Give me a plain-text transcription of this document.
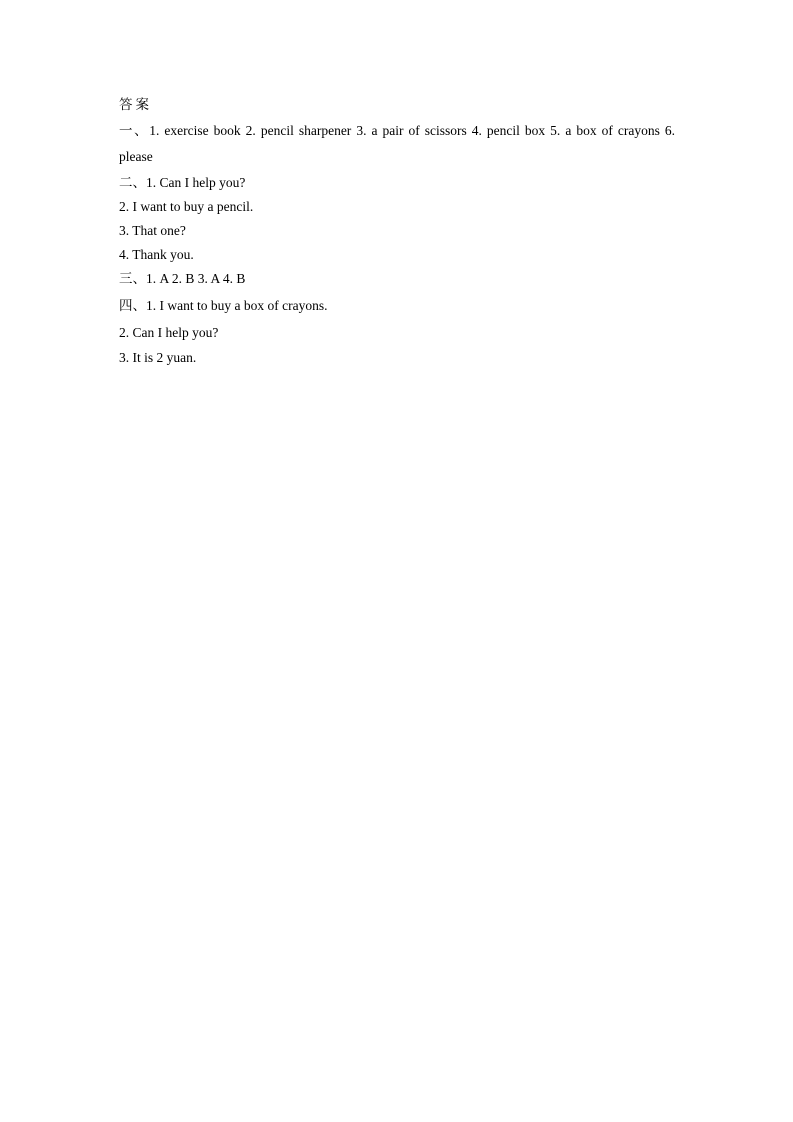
答案
一、1. exercise book 2. pencil sharpener 3. a pair of scissors 4. pencil box 5. a box of crayons 6.
please
二、1. Can I help you?
2. I want to buy a pencil.
3. That one?
4. Thank you.
三、1. A 2. B 3. A 4. B
四、1. I want to buy a box of crayons.
2. Can I help you?
3. It is 2 yuan.
